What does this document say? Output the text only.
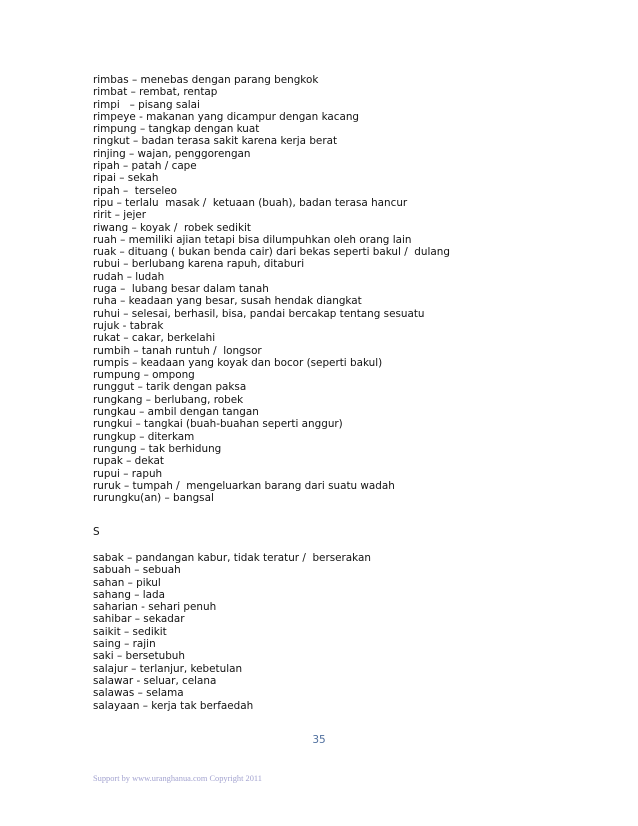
rimbas – menebas dengan parang bengkok
rimbat – rembat, rentap
rimpi   – pisang salai
rimpeye - makanan yang dicampur dengan kacang
rimpung – tangkap dengan kuat
ringkut – badan terasa sakit karena kerja berat
rinjing – wajan, penggorengan
ripah – patah / cape
ripai – sekah
ripah –  terseleo
ripu – terlalu  masak /  ketuaan (buah), badan terasa hancur
ririt – jejer
riwang – koyak /  robek sedikit
ruah – memiliki ajian tetapi bisa dilumpuhkan oleh orang lain
ruak – dituang ( bukan benda cair) dari bekas seperti bakul /  dulang
rubui – berlubang karena rapuh, ditaburi
rudah – ludah
ruga –  lubang besar dalam tanah
ruha – keadaan yang besar, susah hendak diangkat
ruhui – selesai, berhasil, bisa, pandai bercakap tentang sesuatu
rujuk - tabrak
rukat – cakar, berkelahi
rumbih – tanah runtuh /  longsor
rumpis – keadaan yang koyak dan bocor (seperti bakul)
rumpung – ompong
runggut – tarik dengan paksa
rungkang – berlubang, robek
rungkau – ambil dengan tangan
rungkui – tangkai (buah-buahan seperti anggur)
rungkup – diterkam
rungung – tak berhidung
rupak – dekat
rupui – rapuh
ruruk – tumpah /  mengeluarkan barang dari suatu wadah
rurungku(an) – bangsal
S
sabak – pandangan kabur, tidak teratur /  berserakan
sabuah – sebuah
sahan – pikul
sahang – lada
saharian - sehari penuh
sahibar – sekadar
saikit – sedikit
saing – rajin
saki – bersetubuh
salajur – terlanjur, kebetulan
salawar - seluar, celana
salawas – selama
salayaan – kerja tak berfaedah
35
Support by www.uranghanua.com Copyright 2011
